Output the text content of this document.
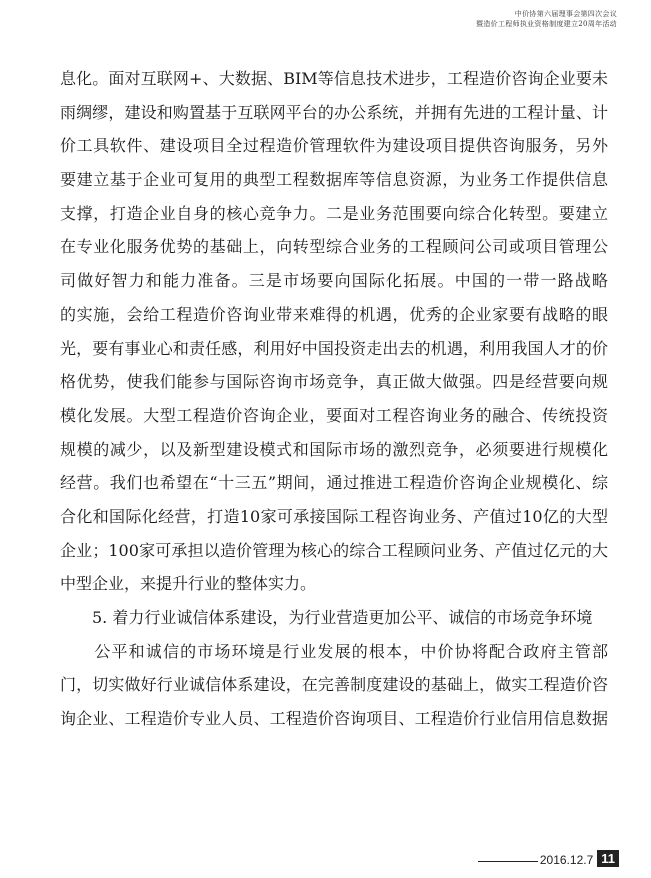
中价协第六届理事会第四次会议
暨造价工程师执业资格制度建立20周年活动
息化。面对互联网+、大数据、BIM等信息技术进步，工程造价咨询企业要未
雨绸缪，建设和购置基于互联网平台的办公系统，并拥有先进的工程计量、计
价工具软件、建设项目全过程造价管理软件为建设项目提供咨询服务，另外
要建立基于企业可复用的典型工程数据库等信息资源，为业务工作提供信息
支撑，打造企业自身的核心竞争力。二是业务范围要向综合化转型。要建立
在专业化服务优势的基础上，向转型综合业务的工程顾问公司或项目管理公
司做好智力和能力准备。三是市场要向国际化拓展。中国的一带一路战略
的实施，会给工程造价咨询业带来难得的机遇，优秀的企业家要有战略的眼
光，要有事业心和责任感，利用好中国投资走出去的机遇，利用我国人才的价
格优势，使我们能参与国际咨询市场竞争，真正做大做强。四是经营要向规
模化发展。大型工程造价咨询企业，要面对工程咨询业务的融合、传统投资
规模的减少，以及新型建设模式和国际市场的激烈竞争，必须要进行规模化
经营。我们也希望在“十三五”期间，通过推进工程造价咨询企业规模化、综
合化和国际化经营，打造10家可承接国际工程咨询业务、产值过10亿的大型
企业；100家可承担以造价管理为核心的综合工程顾问业务、产值过亿元的大
中型企业，来提升行业的整体实力。
　　5. 着力行业诚信体系建设，为行业营造更加公平、诚信的市场竞争环境
　　公平和诚信的市场环境是行业发展的根本，中价协将配合政府主管部
门，切实做好行业诚信体系建设，在完善制度建设的基础上，做实工程造价咨
询企业、工程造价专业人员、工程造价咨询项目、工程造价行业信用信息数据
2016.12.7 11
